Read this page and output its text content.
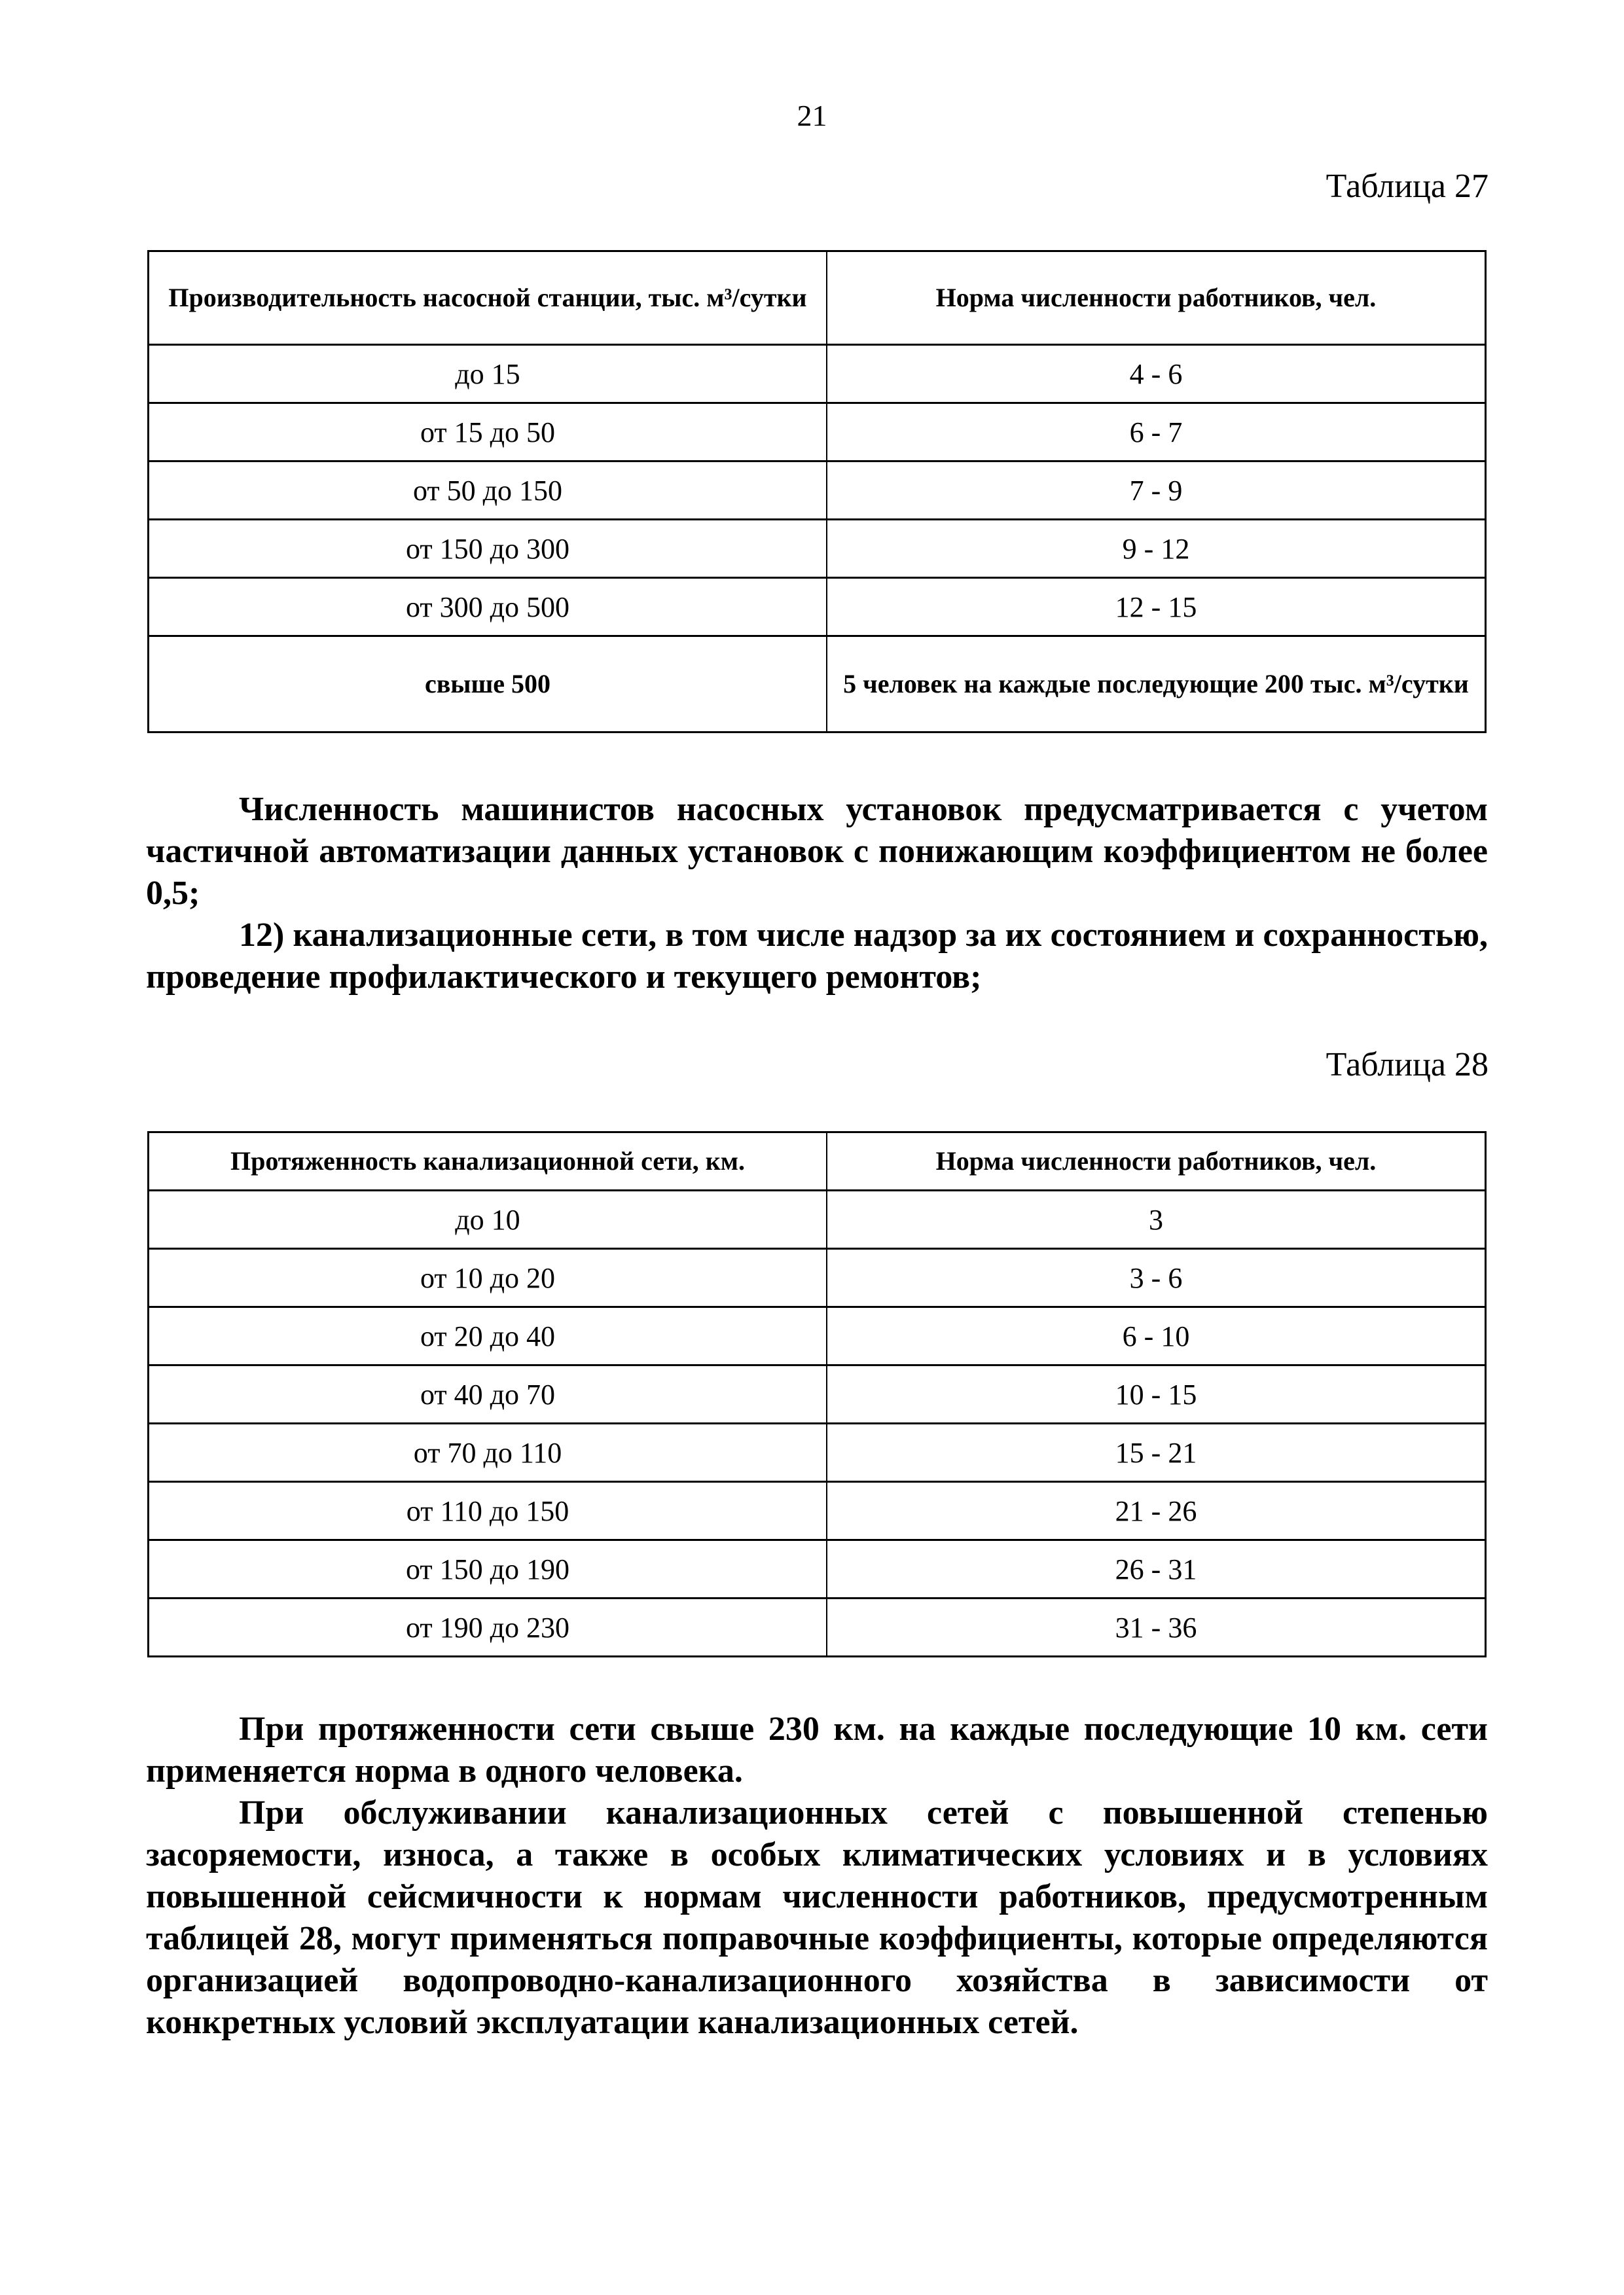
21
Таблица 27
Производительность насосной станции, тыс. м³/сутки	Норма численности работников, чел.
до 15	4 - 6
от 15 до 50	6 - 7
от 50 до 150	7 - 9
от 150 до 300	9 - 12
от 300 до 500	12 - 15
свыше 500	5 человек на каждые последующие 200 тыс. м³/сутки

Численность машинистов насосных установок предусматривается с учетом частичной автоматизации данных установок с понижающим коэффициентом не более 0,5;

12) канализационные сети, в том числе надзор за их состоянием и сохранностью, проведение профилактического и текущего ремонтов;

Таблица 28
Протяженность канализационной сети, км.	Норма численности работников, чел.
до 10	3
от 10 до 20	3 - 6
от 20 до 40	6 - 10
от 40 до 70	10 - 15
от 70 до 110	15 - 21
от 110 до 150	21 - 26
от 150 до 190	26 - 31
от 190 до 230	31 - 36

При протяженности сети свыше 230 км. на каждые последующие 10 км. сети применяется норма в одного человека.

При обслуживании канализационных сетей с повышенной степенью засоряемости, износа, а также в особых климатических условиях и в условиях повышенной сейсмичности к нормам численности работников, предусмотренным таблицей 28, могут применяться поправочные коэффициенты, которые определяются организацией водопроводно-канализационного хозяйства в зависимости от конкретных условий эксплуатации канализационных сетей.
